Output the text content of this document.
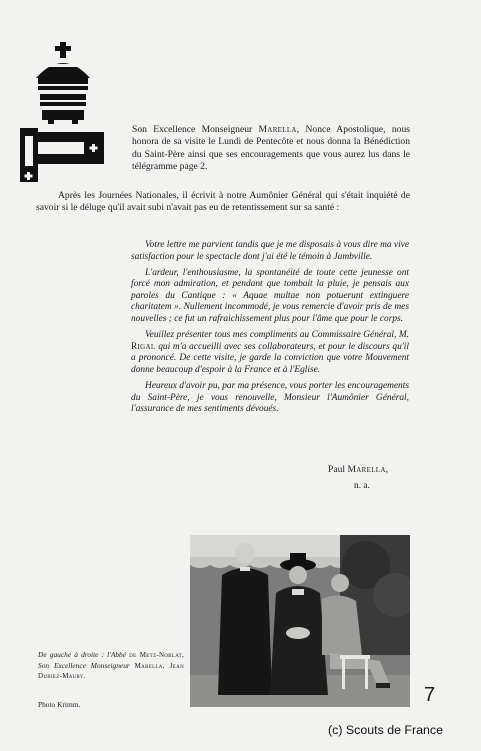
Son Excellence Monseigneur Marella, Nonce Apostolique, nous honora de sa visite le Lundi de Pentecôte et nous donna la Bénédiction du Saint-Père ainsi que ses encouragements que vous aurez lus dans le télégramme page 2.
Après les Journées Nationales, il écrivit à notre Aumônier Général qui s'était inquiété de savoir si le déluge qu'il avait subi n'avait pas eu de retentissement sur sa santé :

Votre lettre me parvient tandis que je me disposais à vous dire ma vive satisfaction pour le spectacle dont j'ai été le témoin à Jambville.

L'ardeur, l'enthousiasme, la spontanéité de toute cette jeunesse ont forcé mon admiration, et pendant que tombait la pluie, je pensais aux paroles du Cantique : « Aquae multae non potuerunt extinguere charitatem ». Nullement incommodé, je vous remercie d'avoir pris de mes nouvelles ; ce fut un rafraichissement plus pour l'âme que pour le corps.

Veuillez présenter tous mes compliments au Commissaire Général, M. Rigal qui m'a accueilli avec ses collaborateurs, et pour le discours qu'il a prononcé. De cette visite, je garde la conviction que votre Mouvement donne beaucoup d'espoir à la France et à l'Eglise.

Heureux d'avoir pu, par ma présence, vous porter les encouragements du Saint-Père, je vous renouvelle, Monsieur l'Aumônier Général, l'assurance de mes sentiments dévoués.

Paul Marella,
n. a.
De gauche à droite : l'Abbé de Metz-Noblat, Son Excellence Monseigneur Marella, Jean Duriez-Maury.
Photo Krimm.	7
(c) Scouts de France
